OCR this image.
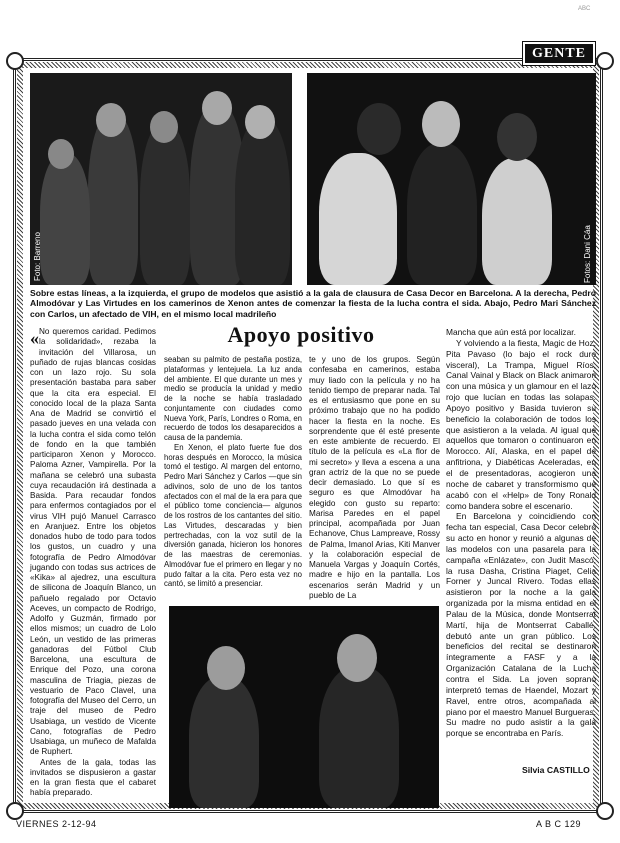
ABC
GENTE
Foto: Barreno	Fotos: Dani Cáa
Sobre estas líneas, a la izquierda, el grupo de modelos que asistió a la gala de clausura de Casa Decor en Barcelona. A la derecha, Pedro Almodóvar y Las Virtudes en los camerinos de Xenon antes de comenzar la fiesta de la lucha contra el sida. Abajo, Pedro Mari Sánchez con Carlos, un afectado de VIH, en el mismo local madrileño
Apoyo positivo

« No queremos caridad. Pedimos la solidaridad», rezaba la invitación del Villarosa, un puñado de rujas blancas cosidas con un lazo rojo. Su sola presentación bastaba para saber que la cita era especial. El conocido local de la plaza Santa Ana de Madrid se convirtió el pasado jueves en una velada con la lucha contra el sida como telón de fondo en la que también participaron Xenon y Morocco. Paloma Azner, Vampirella. Por la mañana se celebró una subasta cuya recaudación irá destinada a Basida. Para recaudar fondos para enfermos contagiados por el virus VIH pujó Manuel Carrasco en Aranjuez. Entre los objetos donados hubo de todo para todos los gustos, un cuadro y una fotografía de Pedro Almodóvar jugando con todas sus actrices de «Kika» al ajedrez, una escultura de silicona de Joaquín Blanco, un pañuelo regalado por Octavio Aceves, un compacto de Rodrigo, Adolfo y Guzmán, firmado por ellos mismos; un cuadro de Lolo León, un vestido de las primeras ganadoras del Fútbol Club Barcelona, una escultura de Enrique del Pozo, una corona masculina de Triagia, piezas de vestuario de Paco Clavel, una fotografía del Museo del Cerro, un traje del museo de Pedro Usabiaga, un vestido de Vicente Cano, fotografías de Pedro Usabiaga, un muñeco de Mafalda de Ruphert.

Antes de la gala, todas las invitados se dispusieron a gastar en la gran fiesta que el cabaret había preparado.

seaban su palmito de pestaña postiza, plataformas y lentejuela. La luz anda del ambiente. El que durante un mes y medio se producía la unidad y medio de la noche se había trasladado conjuntamente con ciudades como Nueva York, París, Londres o Roma, en recuerdo de todos los desaparecidos a causa de la pandemia.

En Xenon, el plato fuerte fue dos horas después en Morocco, la música tomó el testigo. Al margen del entorno, Pedro Mari Sánchez y Carlos —que sin adivinos, solo de uno de los tantos afectados con el mal de la era para que el público tome conciencia— algunos de los rostros de los cantantes del sitio. Las Virtudes, descaradas y bien pertrechadas, con la voz sutil de la diversión ganada, hicieron los honores de las maestras de ceremonias. Almodóvar fue el primero en llegar y no pudo faltar a la cita. Pero esta vez no cantó, se limitó a presenciar.

te y uno de los grupos. Según confesaba en camerinos, estaba muy liado con la película y no ha tenido tiempo de preparar nada. Tal es el entusiasmo que pone en su próximo trabajo que no ha podido hacer la fiesta en la noche. Es sorprendente que él esté presente en este ambiente de recuerdo. El título de la película es «La flor de mi secreto» y lleva a escena a una gran actriz de la que no se puede decir demasiado. Lo que sí es seguro es que Almodóvar ha elegido con gusto su reparto: Marisa Paredes en el papel principal, acompañada por Juan Echanove, Chus Lampreave, Rossy de Palma, Imanol Arias, Kiti Manver y la colaboración especial de Manuela Vargas y Joaquín Cortés, madre e hijo en la pantalla. Los escenarios serán Madrid y un pueblo de La

Mancha que aún está por localizar.

Y volviendo a la fiesta, Magic de Hoz, Pita Pavaso (lo bajo el rock duro visceral), La Trampa, Miguel Ríos, Canal Vainal y Black on Black animaron con una música y un glamour en el lazo rojo que lucían en todas las solapas. Apoyo positivo y Basida tuvieron su beneficio la colaboración de todos los que asistieron a la velada. Al igual que aquellos que tomaron o continuaron en Morocco. Alí, Alaska, en el papel de anfitriona, y Diabéticas Aceleradas, en el de presentadoras, acogieron una noche de cabaret y transformismo que acabó con el «Help» de Tony Ronald como bandera sobre el escenario.

En Barcelona y coincidiendo con fecha tan especial, Casa Decor celebró su acto en honor y reunió a algunas de las modelos con una pasarela para la campaña «Enlázate», con Judit Mascó, la rusa Dasha, Cristina Piaget, Celia Forner y Juncal Rivero. Todas ellas asistieron por la noche a la gala organizada por la misma entidad en el Palau de la Música, donde Montserrat Martí, hija de Montserrat Caballé, debutó ante un gran público. Los beneficios del recital se destinaron íntegramente a FASF y a la Organización Catalana de la Lucha contra el Sida. La joven soprano interpretó temas de Haendel, Mozart y Ravel, entre otros, acompañada al piano por el maestro Manuel Burgueras. Su madre no pudo asistir a la gala porque se encontraba en París.

Silvia CASTILLO
VIERNES 2-12-94	A B C 129
